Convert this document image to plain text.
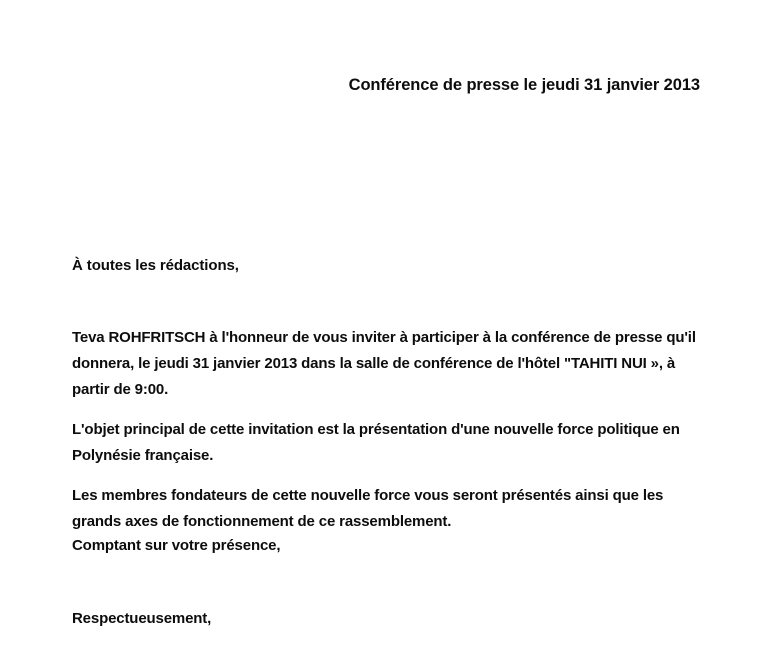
Conférence de presse le jeudi 31 janvier 2013
À toutes les rédactions,

Teva ROHFRITSCH à l'honneur de vous inviter à participer à la conférence de presse qu'il donnera, le jeudi 31 janvier 2013 dans la salle de conférence de l'hôtel "TAHITI NUI », à partir de 9:00.

L'objet principal de cette invitation est la présentation d'une nouvelle force politique en Polynésie française.

Les membres fondateurs de cette nouvelle force vous seront présentés ainsi que les grands axes de fonctionnement de ce rassemblement.

Comptant sur votre présence,
Respectueusement,
